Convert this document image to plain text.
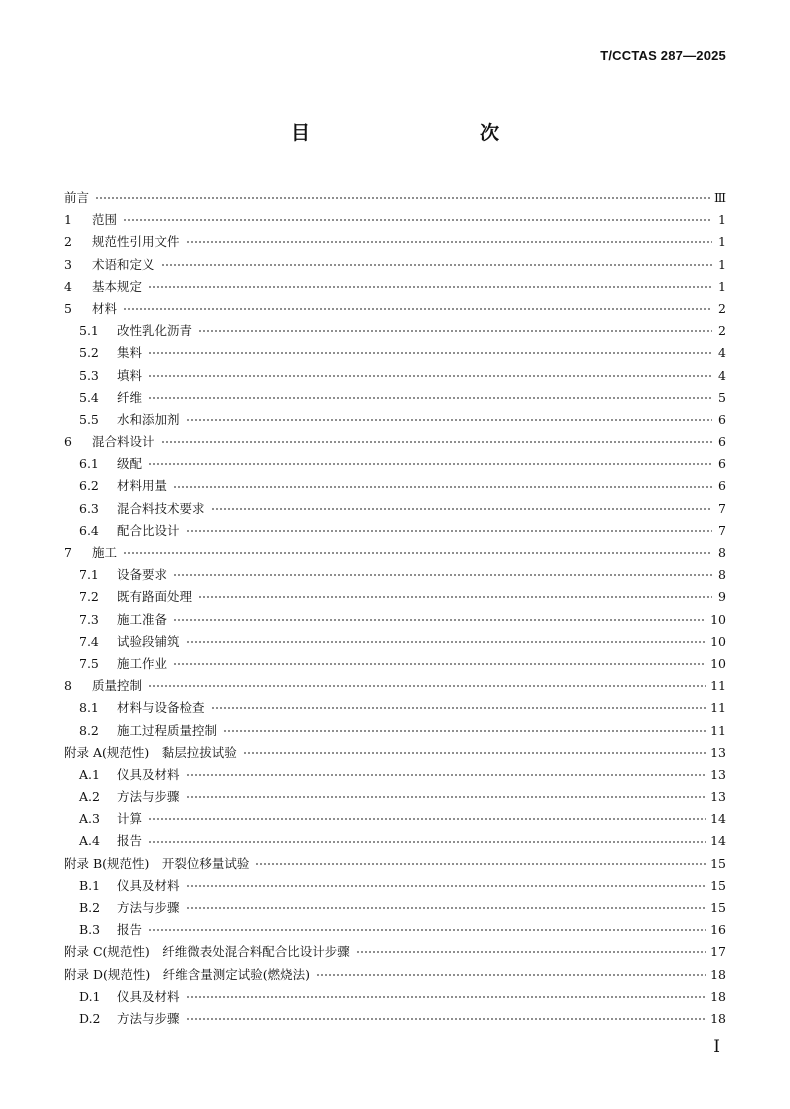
T/CCTAS 287—2025
目　　次
前言	Ⅲ
1	范围	1
2	规范性引用文件	1
3	术语和定义	1
4	基本规定	1
5	材料	2
5.1	改性乳化沥青	2
5.2	集料	4
5.3	填料	4
5.4	纤维	5
5.5	水和添加剂	6
6	混合料设计	6
6.1	级配	6
6.2	材料用量	6
6.3	混合料技术要求	7
6.4	配合比设计	7
7	施工	8
7.1	设备要求	8
7.2	既有路面处理	9
7.3	施工准备	10
7.4	试验段铺筑	10
7.5	施工作业	10
8	质量控制	11
8.1	材料与设备检查	11
8.2	施工过程质量控制	11
附录 A(规范性)　黏层拉拔试验	13
A.1	仪具及材料	13
A.2	方法与步骤	13
A.3	计算	14
A.4	报告	14
附录 B(规范性)　开裂位移量试验	15
B.1	仪具及材料	15
B.2	方法与步骤	15
B.3	报告	16
附录 C(规范性)　纤维微表处混合料配合比设计步骤	17
附录 D(规范性)　纤维含量测定试验(燃烧法)	18
D.1	仪具及材料	18
D.2	方法与步骤	18
I
